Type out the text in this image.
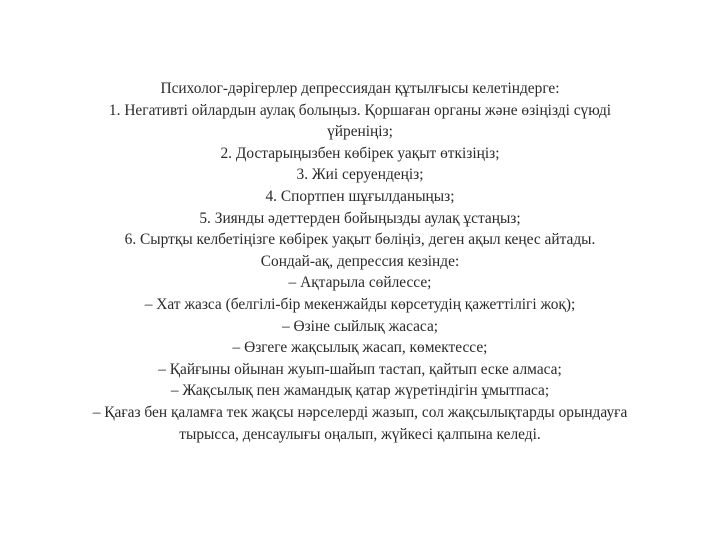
Психолог-дәрігерлер депрессиядан құтылғысы келетіндерге:
1. Негативті ойлардын аулақ болыңыз. Қоршаған органы және өзіңізді сүюді
үйреніңіз;
2. Достарыңызбен көбірек уақыт өткізіңіз;
3. Жиі серуендеңіз;
4. Спортпен шұғылданыңыз;
5. Зиянды әдеттерден бойыңызды аулақ ұстаңыз;
6. Сыртқы келбетіңізге көбірек уақыт бөліңіз, деген ақыл кеңес айтады.
Сондай-ақ, депрессия кезінде:
– Ақтарыла сөйлессе;
– Хат жазса (белгілі-бір мекенжайды көрсетудің қажеттілігі жоқ);
– Өзіне сыйлық жасаса;
– Өзгеге жақсылық жасап, көмектессе;
– Қайғыны ойынан жуып-шайып тастап, қайтып еске алмаса;
– Жақсылық пен жамандық қатар жүретіндігін ұмытпаса;
– Қағаз бен қаламға тек жақсы нәрселерді жазып, сол жақсылықтарды орындауға
тырысса, денсаулығы оңалып, жүйкесі қалпына келеді.
